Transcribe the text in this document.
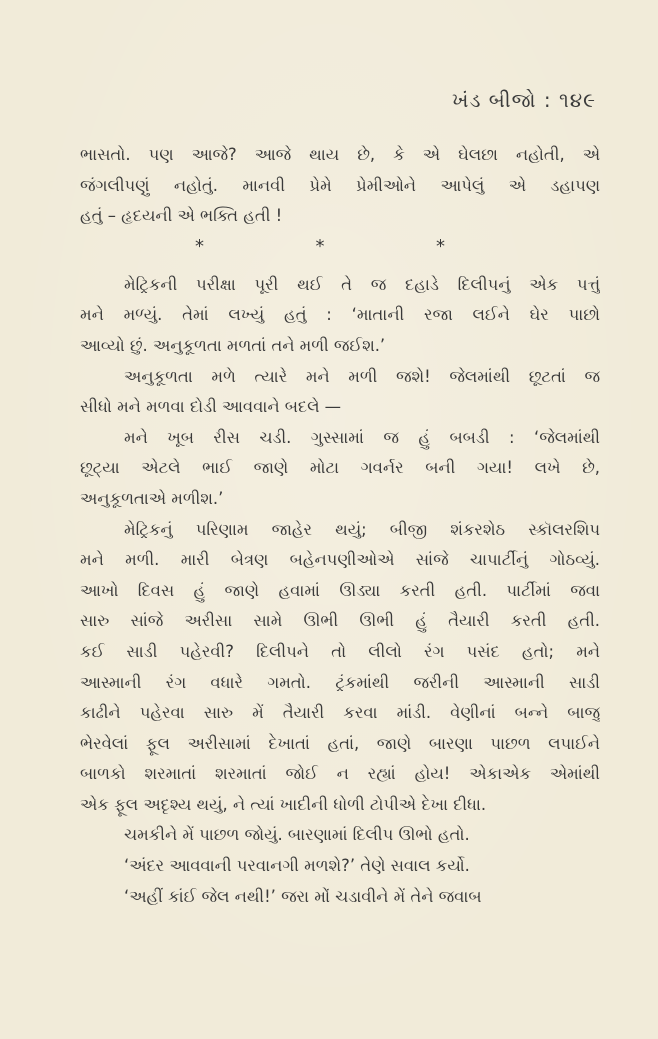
ખંડ બીજો : ૧૪૯
ભાસતો. પણ આજે? આજે થાય છે, કે એ ઘેલછા નહોતી, એ
જંગલીપણું નહોતું. માનવી પ્રેમે પ્રેમીઓને આપેલું એ ડહાપણ
હતું – હૃદયની એ ભક્તિ હતી !
*	*	*
મેટ્રિકની પરીક્ષા પૂરી થઈ તે જ દહાડે દિલીપનું એક પત્તું
મને મળ્યું. તેમાં લખ્યું હતું : ‘માતાની રજા લઈને ઘેર પાછો
આવ્યો છું. અનુકૂળતા મળતાં તને મળી જઈશ.’
અનુકૂળતા મળે ત્યારે મને મળી જશે! જેલમાંથી છૂટતાં જ
સીધો મને મળવા દોડી આવવાને બદલે —
મને ખૂબ રીસ ચડી. ગુસ્સામાં જ હું બબડી : ‘જેલમાંથી
છૂટ્યા એટલે ભાઈ જાણે મોટા ગવર્નર બની ગયા! લખે છે,
અનુકૂળતાએ મળીશ.’
મેટ્રિકનું પરિણામ જાહેર થયું; બીજી શંકરશેઠ સ્કૉલરશિપ
મને મળી. મારી બેત્રણ બહેનપણીઓએ સાંજે ચાપાર્ટીનું ગોઠવ્યું.
આખો દિવસ હું જાણે હવામાં ઊડ્યા કરતી હતી. પાર્ટીમાં જવા
સારુ સાંજે અરીસા સામે ઊભી ઊભી હું તૈયારી કરતી હતી.
કઈ સાડી પહેરવી? દિલીપને તો લીલો રંગ પસંદ હતો; મને
આસ્માની રંગ વધારે ગમતો. ટ્રંકમાંથી જરીની આસ્માની સાડી
કાઢીને પહેરવા સારુ મેં તૈયારી કરવા માંડી. વેણીનાં બન્ને બાજુ
ભેરવેલાં ફૂલ અરીસામાં દેખાતાં હતાં, જાણે બારણા પાછળ લપાઈને
બાળકો શરમાતાં શરમાતાં જોઈ ન રહ્યાં હોય! એકાએક એમાંથી
એક ફૂલ અદૃશ્ય થયું, ને ત્યાં ખાદીની ધોળી ટોપીએ દેખા દીધા.
ચમકીને મેં પાછળ જોયું. બારણામાં દિલીપ ઊભો હતો.
‘અંદર આવવાની પરવાનગી મળશે?’ તેણે સવાલ કર્યો.
‘અહીં કાંઈ જેલ નથી!’ જરા મોં ચડાવીને મેં તેને જવાબ
